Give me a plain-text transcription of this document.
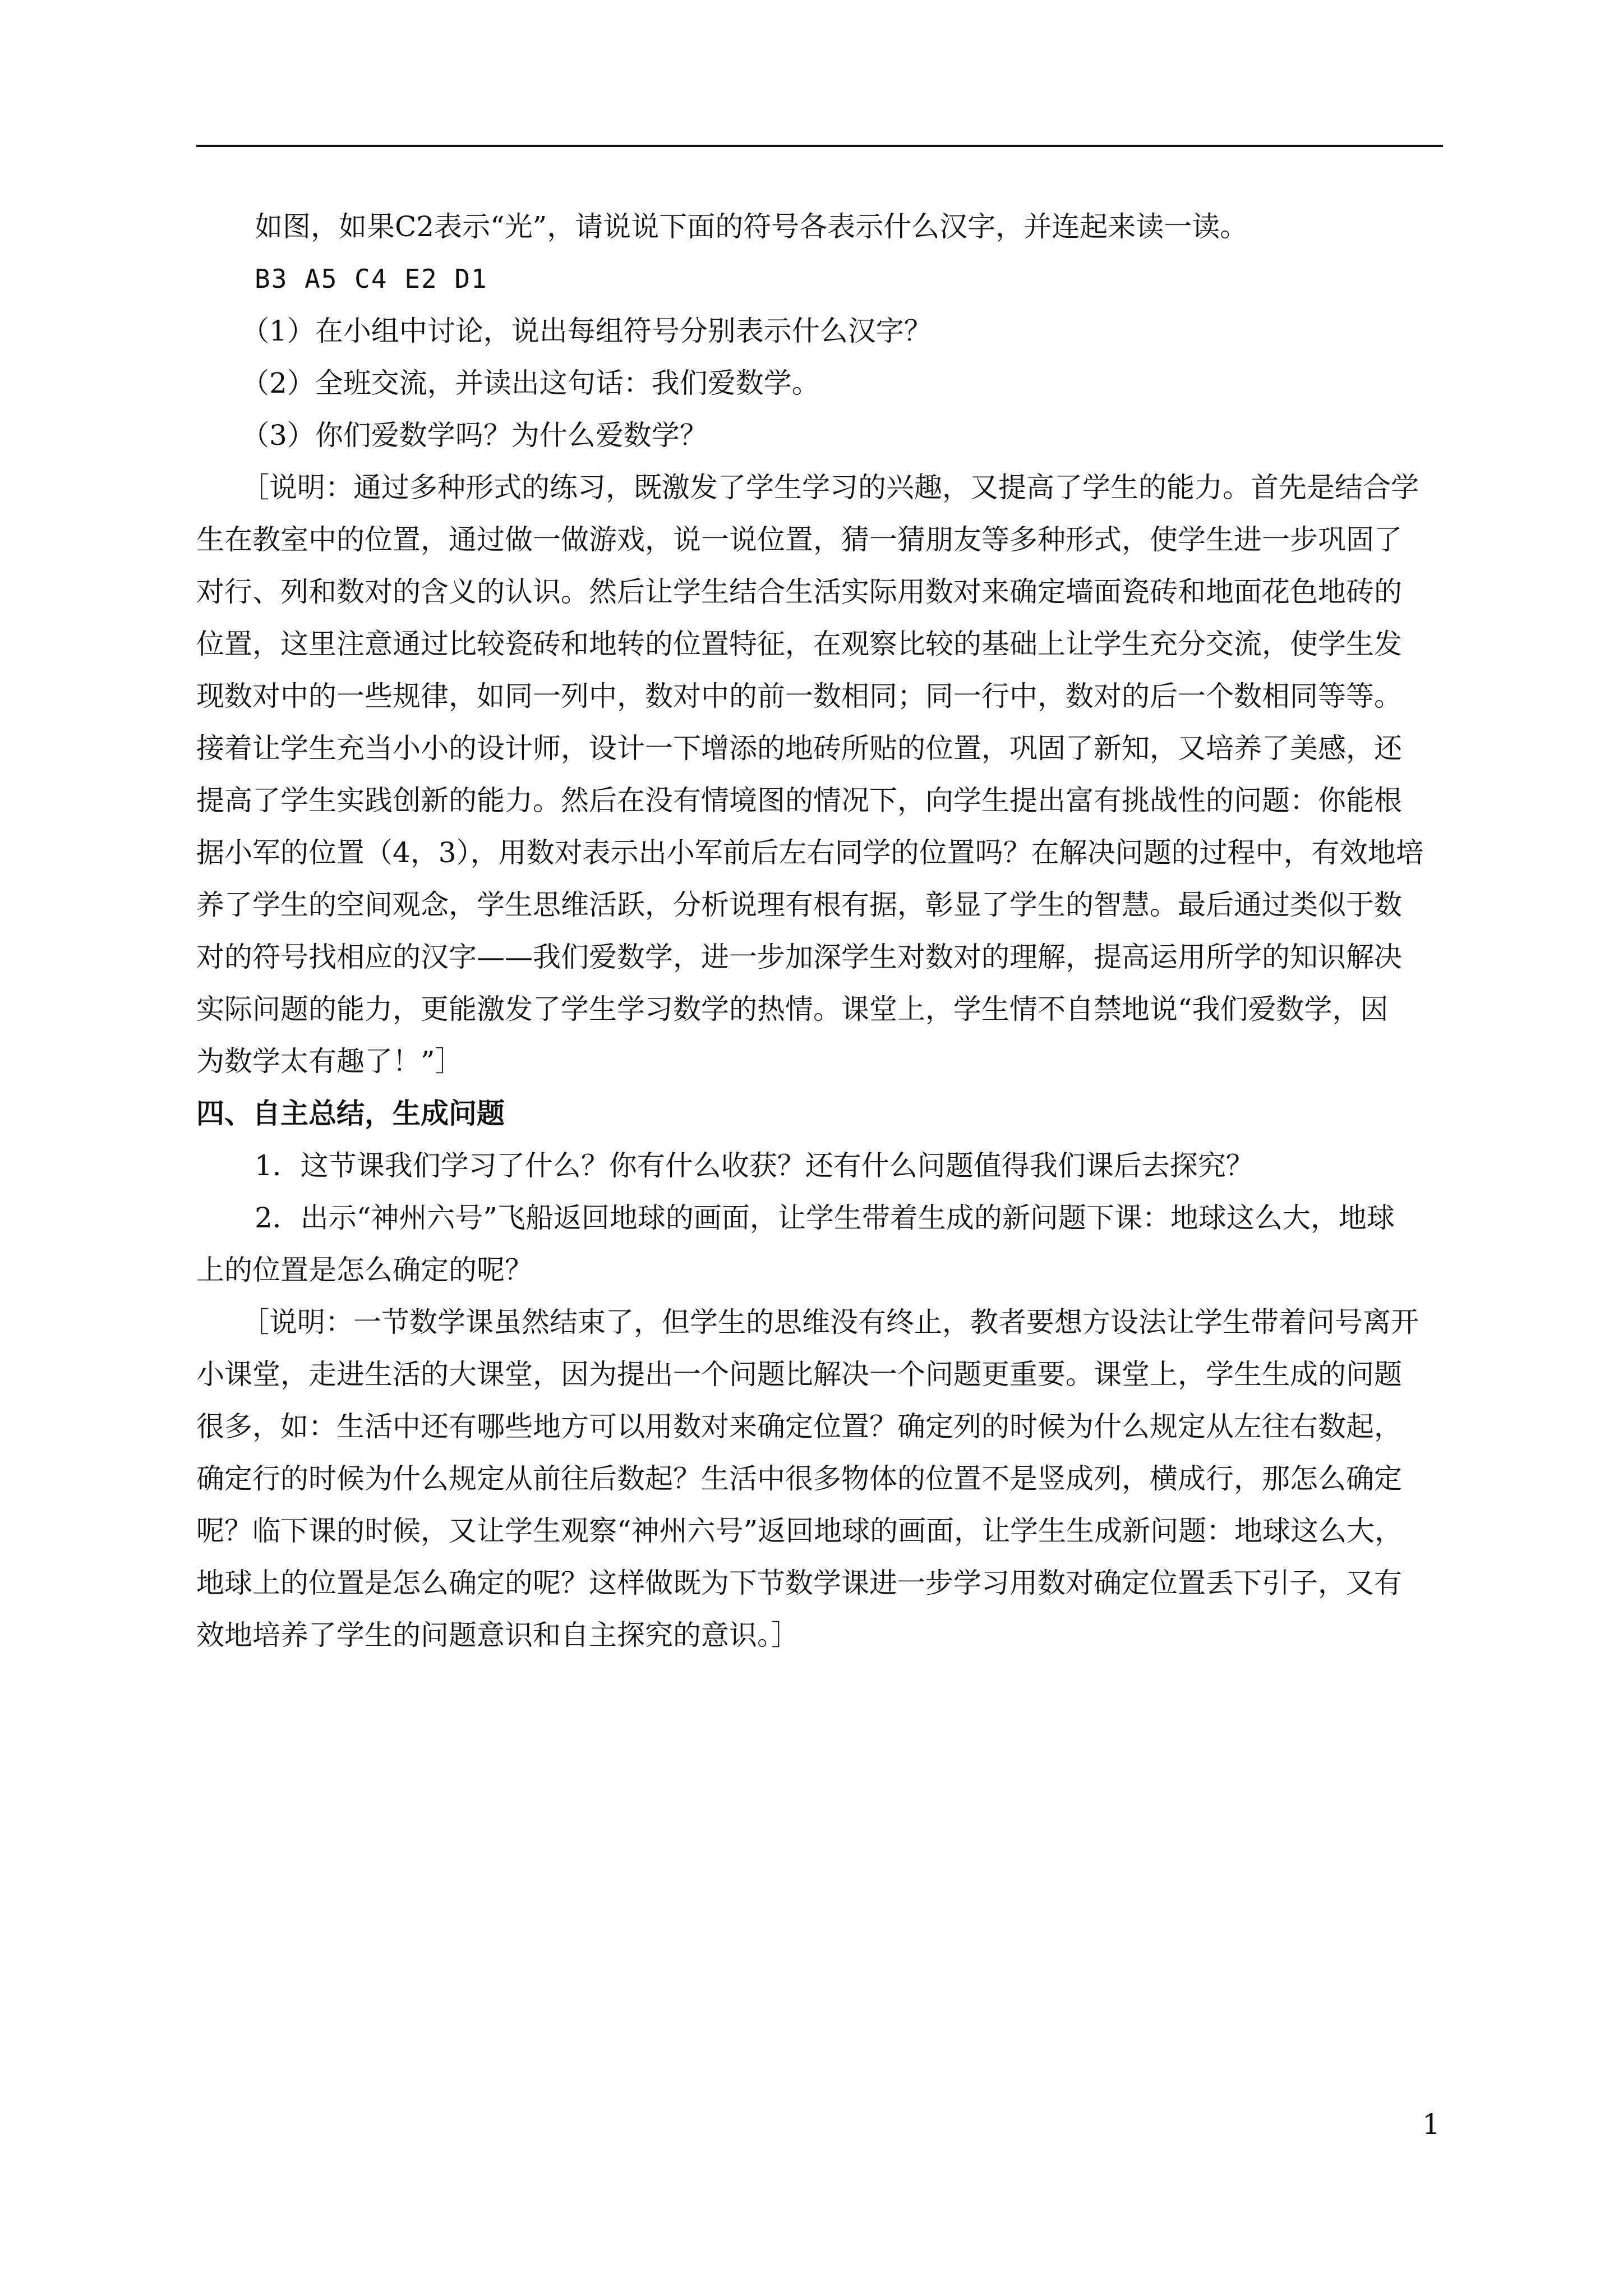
如图，如果C2表示“光”，请说说下面的符号各表示什么汉字，并连起来读一读。
B3 A5 C4 E2 D1
（1）在小组中讨论，说出每组符号分别表示什么汉字？
（2）全班交流，并读出这句话：我们爱数学。
（3）你们爱数学吗？为什么爱数学？
［说明：通过多种形式的练习，既激发了学生学习的兴趣，又提高了学生的能力。首先是结合学
生在教室中的位置，通过做一做游戏，说一说位置，猜一猜朋友等多种形式，使学生进一步巩固了
对行、列和数对的含义的认识。然后让学生结合生活实际用数对来确定墙面瓷砖和地面花色地砖的
位置，这里注意通过比较瓷砖和地转的位置特征，在观察比较的基础上让学生充分交流，使学生发
现数对中的一些规律，如同一列中，数对中的前一数相同；同一行中，数对的后一个数相同等等。
接着让学生充当小小的设计师，设计一下增添的地砖所贴的位置，巩固了新知，又培养了美感，还
提高了学生实践创新的能力。然后在没有情境图的情况下，向学生提出富有挑战性的问题：你能根
据小军的位置（4，3），用数对表示出小军前后左右同学的位置吗？在解决问题的过程中，有效地培
养了学生的空间观念，学生思维活跃，分析说理有根有据，彰显了学生的智慧。最后通过类似于数
对的符号找相应的汉字——我们爱数学，进一步加深学生对数对的理解，提高运用所学的知识解决
实际问题的能力，更能激发了学生学习数学的热情。课堂上，学生情不自禁地说“我们爱数学，因
为数学太有趣了！”］
四、自主总结，生成问题
1．这节课我们学习了什么？你有什么收获？还有什么问题值得我们课后去探究？
2．出示“神州六号”飞船返回地球的画面，让学生带着生成的新问题下课：地球这么大，地球
上的位置是怎么确定的呢？
［说明：一节数学课虽然结束了，但学生的思维没有终止，教者要想方设法让学生带着问号离开
小课堂，走进生活的大课堂，因为提出一个问题比解决一个问题更重要。课堂上，学生生成的问题
很多，如：生活中还有哪些地方可以用数对来确定位置？确定列的时候为什么规定从左往右数起，
确定行的时候为什么规定从前往后数起？生活中很多物体的位置不是竖成列，横成行，那怎么确定
呢？临下课的时候，又让学生观察“神州六号”返回地球的画面，让学生生成新问题：地球这么大，
地球上的位置是怎么确定的呢？这样做既为下节数学课进一步学习用数对确定位置丢下引子，又有
效地培养了学生的问题意识和自主探究的意识。］
1
